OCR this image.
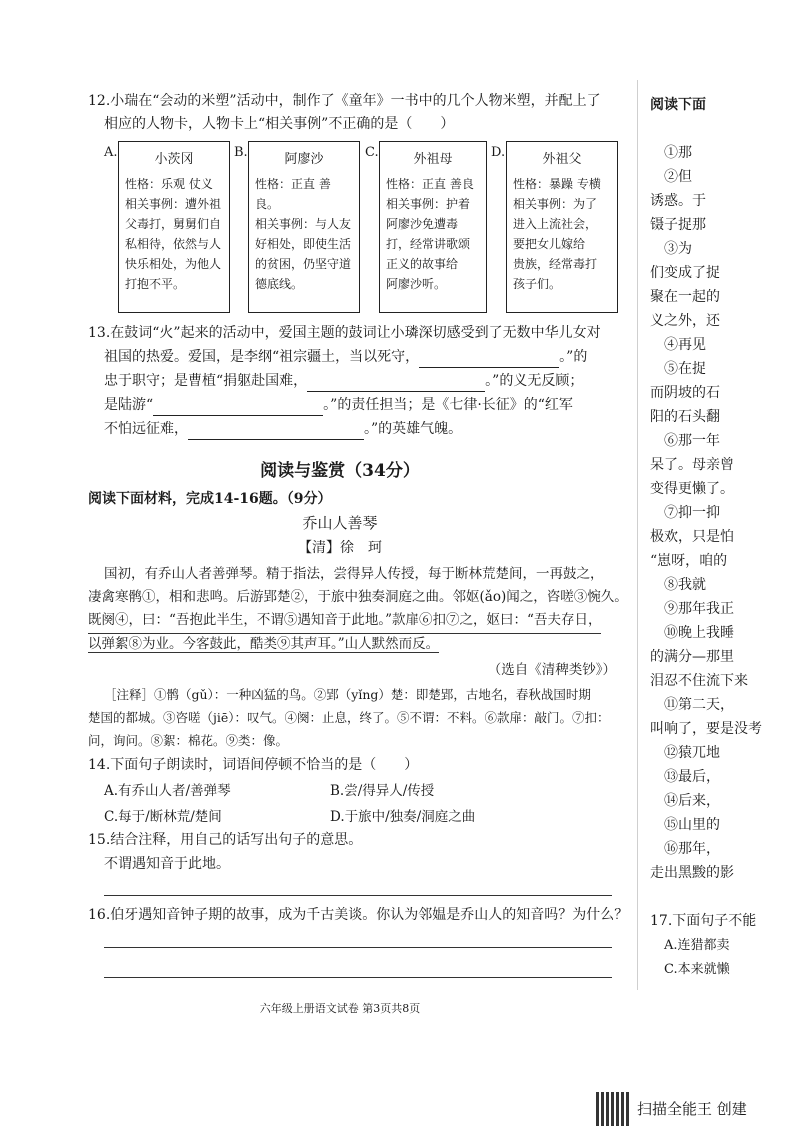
12.小瑞在“会动的米塑”活动中，制作了《童年》一书中的几个人物米塑，并配上了
相应的人物卡，人物卡上“相关事例”不正确的是（　　）
A.	小茨冈
性格：乐观 仗义
相关事例：遭外祖
父毒打，舅舅们自
私相待，依然与人
快乐相处，为他人
打抱不平。
B.	阿廖沙
性格：正直 善良。
相关事例：与人友
好相处，即使生活
的贫困，仍坚守道
德底线。
C.	外祖母
性格：正直 善良
相关事例：护着
阿廖沙免遭毒
打，经常讲歌颂
正义的故事给
阿廖沙听。
D.	外祖父
性格：暴躁 专横
相关事例：为了
进入上流社会，
要把女儿嫁给
贵族，经常毒打
孩子们。
13.在鼓词“火”起来的活动中，爱国主题的鼓词让小璘深切感受到了无数中华儿女对
祖国的热爱。爱国，是李纲“祖宗疆土，当以死守，	。”的
忠于职守；是曹植“捐躯赴国难，	。”的义无反顾；
是陆游“	。”的责任担当；是《七律·长征》的“红军
不怕远征难，	。”的英雄气魄。
阅读与鉴赏（34分）
阅读下面材料，完成14-16题。（9分）
乔山人善琴
【清】徐　珂
国初，有乔山人者善弹琴。精于指法，尝得异人传授，每于断林荒楚间，一再鼓之，
凄禽寒鹘①，相和悲鸣。后游郢楚②，于旅中独奏洞庭之曲。邻妪(ǎo)闻之，咨嗟③惋久。
既阕④，曰：“吾抱此半生，不谓⑤遇知音于此地。”款扉⑥扣⑦之，妪曰：“吾夫存日，
以弹絮⑧为业。今客鼓此，酷类⑨其声耳。”山人默然而反。
（选自《清稗类钞》）
［注释］①鹘（gǔ）：一种凶猛的鸟。②郢（yǐng）楚：即楚郢，古地名，春秋战国时期
楚国的都城。③咨嗟（jiē）：叹气。④阕：止息，终了。⑤不谓：不料。⑥款扉：敲门。⑦扣：
问，询问。⑧絮：棉花。⑨类：像。
14.下面句子朗读时，词语间停顿不恰当的是（　　）
A.有乔山人者/善弹琴	B.尝/得异人/传授
C.每于/断林荒/楚间	D.于旅中/独奏/洞庭之曲
15.结合注释，用自己的话写出句子的意思。
不谓遇知音于此地。
16.伯牙遇知音钟子期的故事，成为千古美谈。你认为邻媪是乔山人的知音吗？为什么？
六年级上册语文试卷 第3页共8页
阅读下面
①那
②但
诱惑。于
镊子捉那
③为
们变成了捉
聚在一起的
义之外，还
④再见
⑤在捉
而阴坡的石
阳的石头翻
⑥那一年
呆了。母亲曾
变得更懒了。
⑦抑一抑
极欢，只是怕
“崽呀，咱的
⑧我就
⑨那年我正
⑩晚上我睡
的满分—那里
泪忍不住流下来
⑪第二天，
叫响了，要是没考
⑫猿兀地
⑬最后，
⑭后来，
⑮山里的
⑯那年，
走出黑黢的影
17.下面句子不能
A.连猎都卖
C.本来就懒
扫描全能王 创建
